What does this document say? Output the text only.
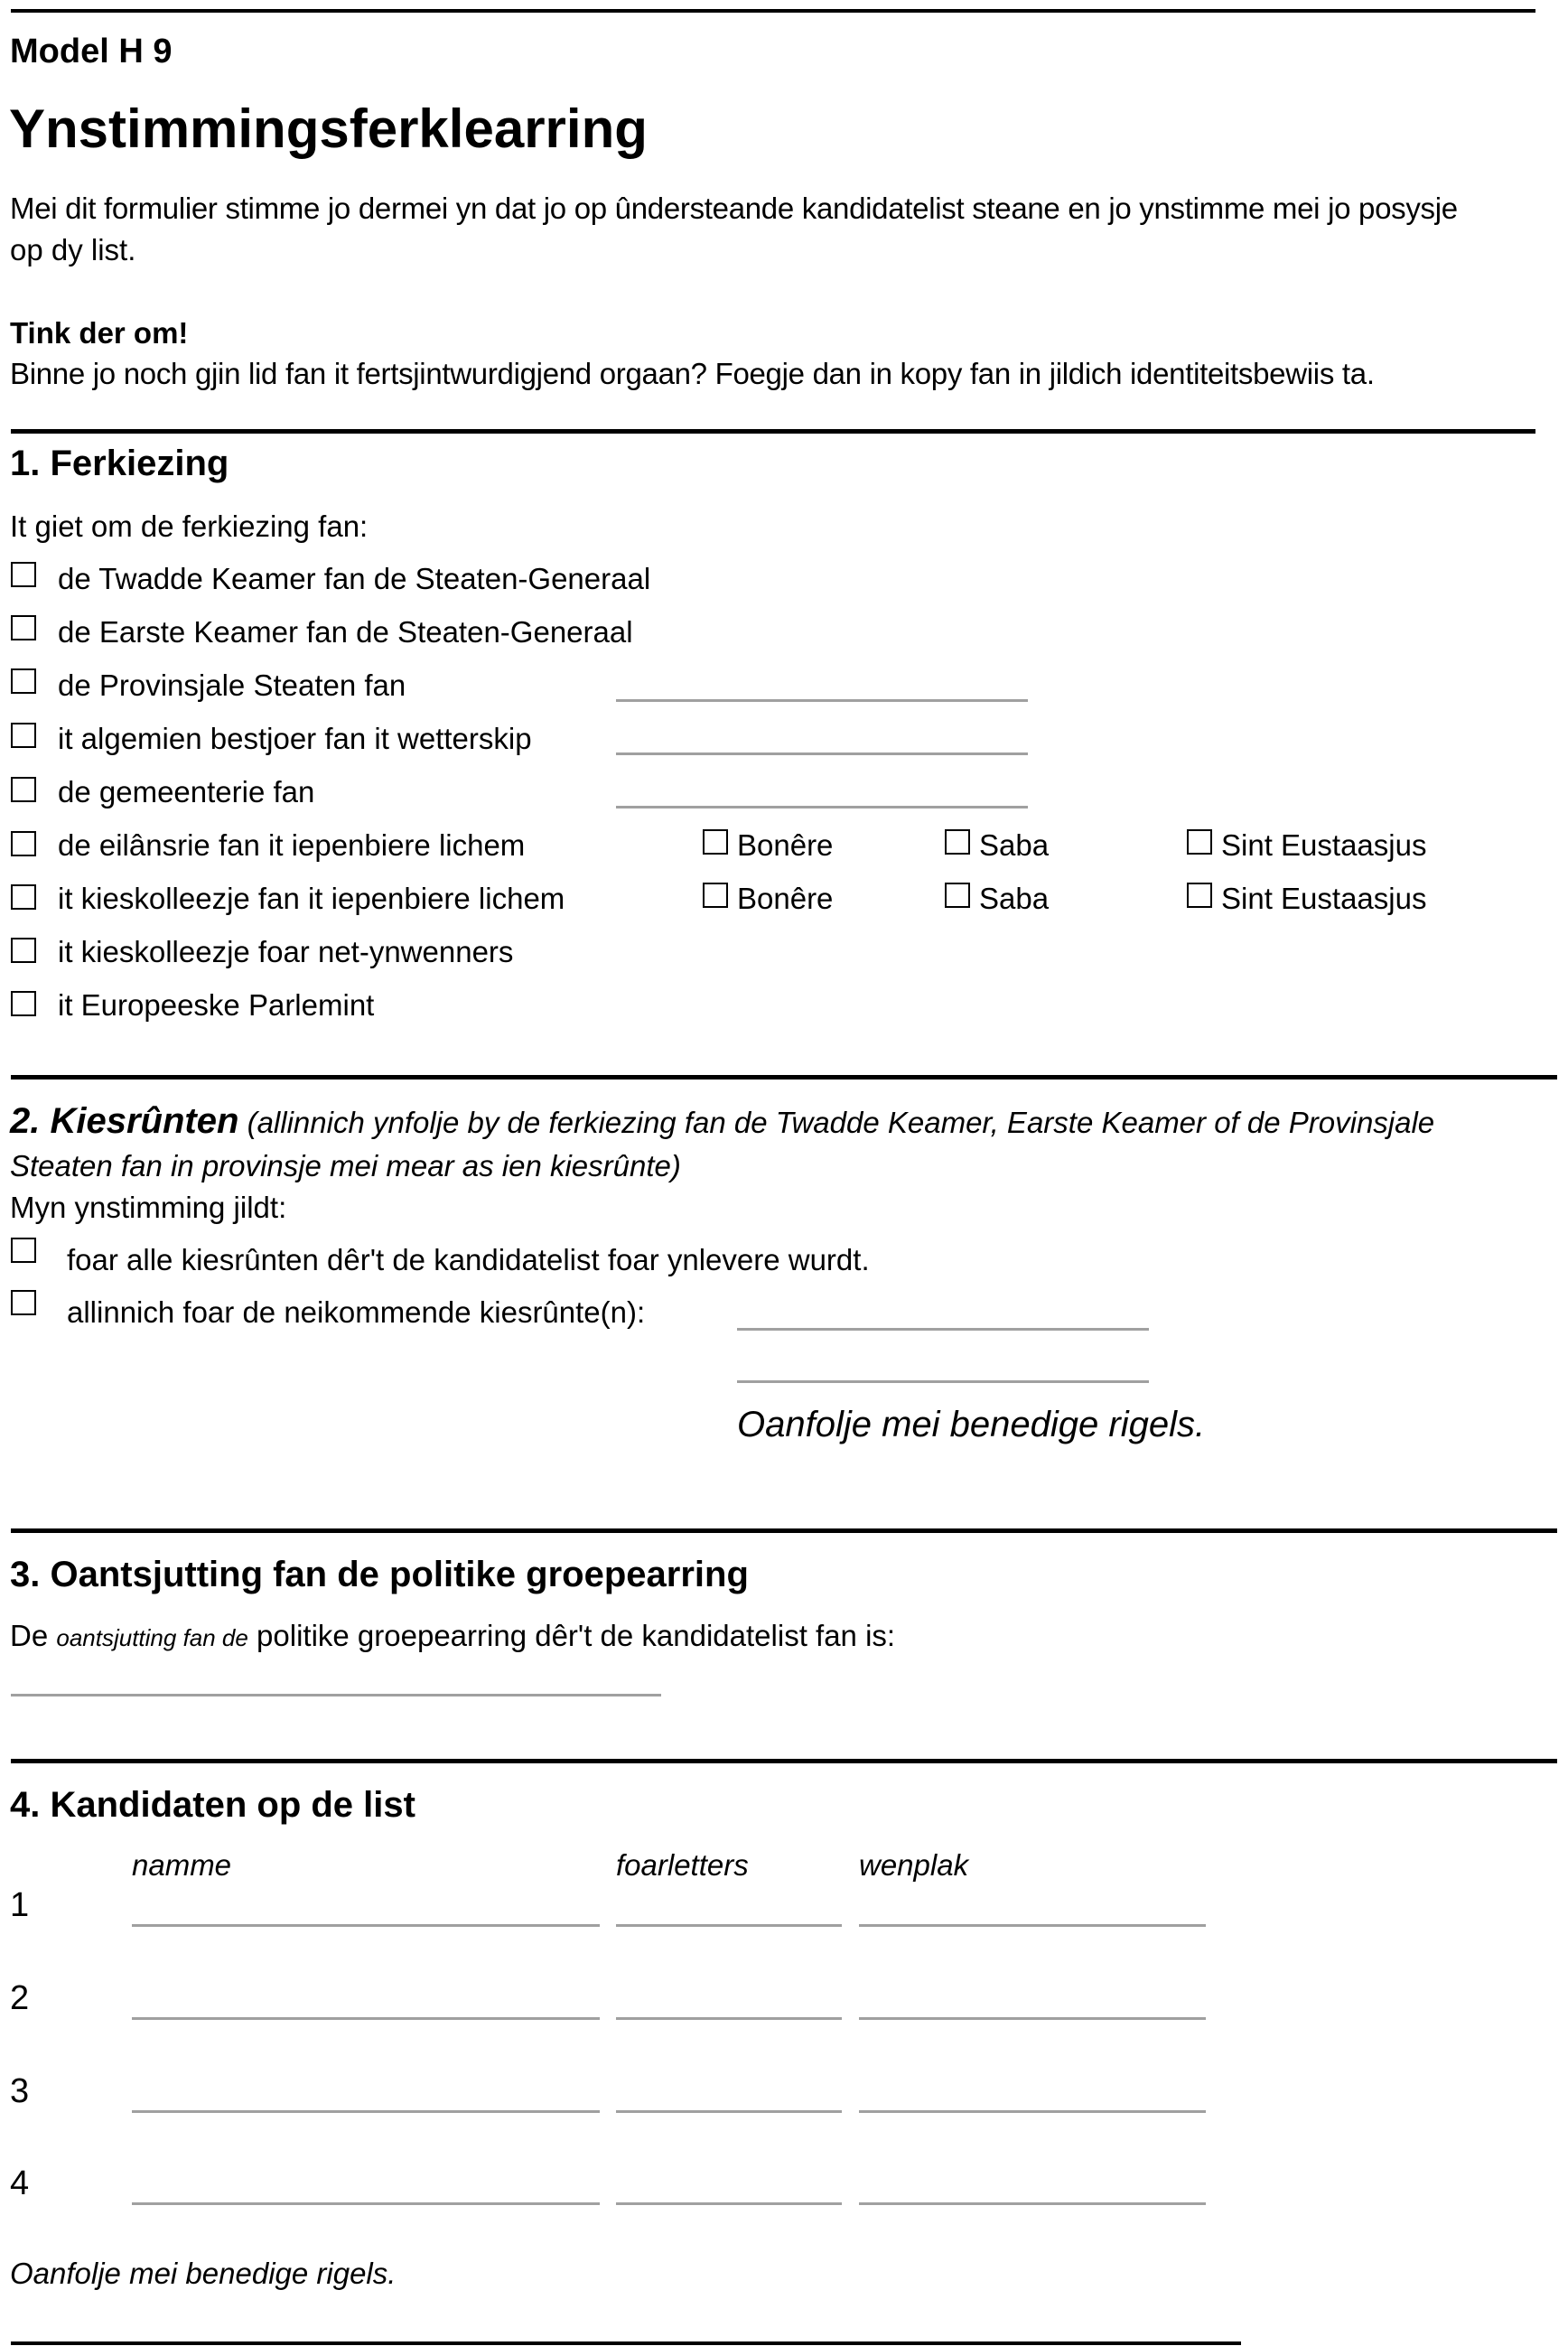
Model H 9
Ynstimmingsferklearring
Mei dit formulier stimme jo dermei yn dat jo op ûndersteande kandidatelist steane en jo ynstimme mei jo posysje
op dy list.
Tink der om!
Binne jo noch gjin lid fan it fertsjintwurdigjend orgaan? Foegje dan in kopy fan in jildich identiteitsbewiis ta.
1. Ferkiezing
It giet om de ferkiezing fan:
de Twadde Keamer fan de Steaten-Generaal
de Earste Keamer fan de Steaten-Generaal
de Provinsjale Steaten fan
it algemien bestjoer fan it wetterskip
de gemeenterie fan
de eilânsrie fan it iepenbiere lichem	Bonêre	Saba	Sint Eustaasjus
it kieskolleezje fan it iepenbiere lichem	Bonêre	Saba	Sint Eustaasjus
it kieskolleezje foar net-ynwenners
it Europeeske Parlemint
2. Kiesrûnten (allinnich ynfolje by de ferkiezing fan de Twadde Keamer, Earste Keamer of de Provinsjale
Steaten fan in provinsje mei mear as ien kiesrûnte)
Myn ynstimming jildt:
foar alle kiesrûnten dêr't de kandidatelist foar ynlevere wurdt.
allinnich foar de neikommende kiesrûnte(n):
Oanfolje mei benedige rigels.
3. Oantsjutting fan de politike groepearring
De oantsjutting fan de politike groepearring dêr't de kandidatelist fan is:
4. Kandidaten op de list
namme	foarletters	wenplak
1
2
3
4
Oanfolje mei benedige rigels.
